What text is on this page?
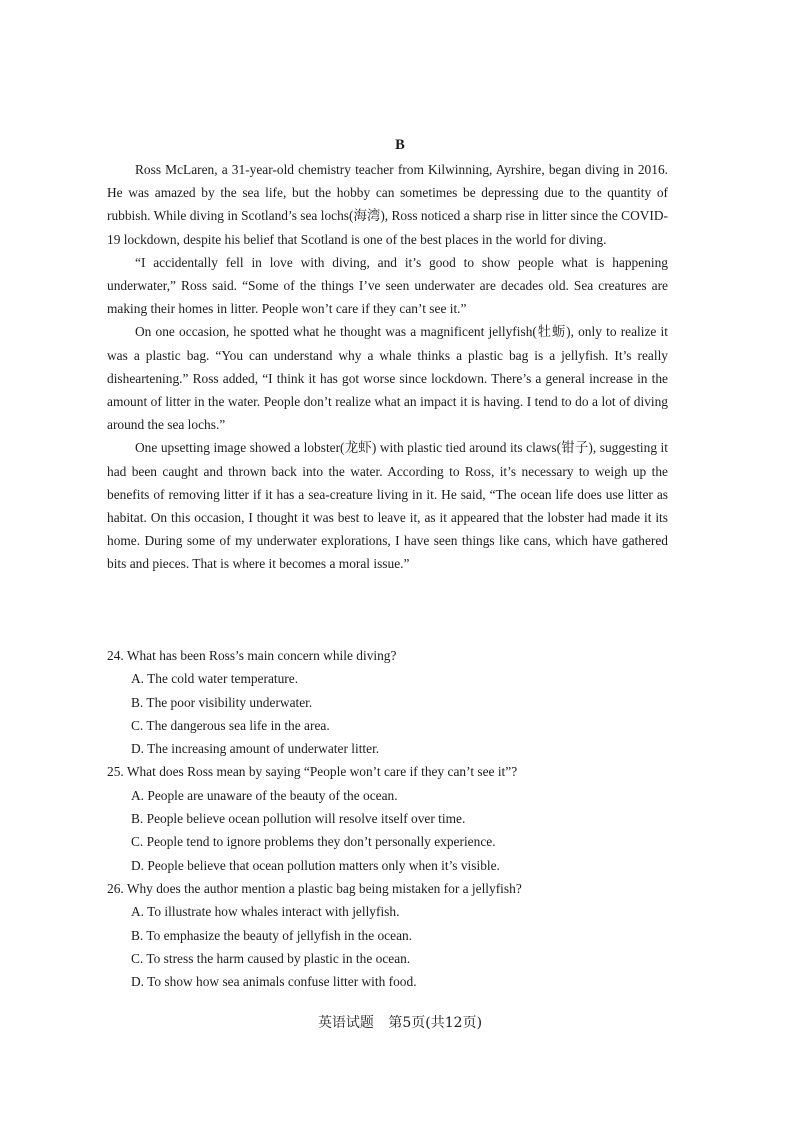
B

Ross McLaren, a 31-year-old chemistry teacher from Kilwinning, Ayrshire, began diving in 2016. He was amazed by the sea life, but the hobby can sometimes be depressing due to the quantity of rubbish. While diving in Scotland’s sea lochs(海湾), Ross noticed a sharp rise in litter since the COVID-19 lockdown, despite his belief that Scotland is one of the best places in the world for diving.

“I accidentally fell in love with diving, and it’s good to show people what is happening underwater,” Ross said. “Some of the things I’ve seen underwater are decades old. Sea creatures are making their homes in litter. People won’t care if they can’t see it.”

On one occasion, he spotted what he thought was a magnificent jellyfish(牡蛎), only to realize it was a plastic bag. “You can understand why a whale thinks a plastic bag is a jellyfish. It’s really disheartening.” Ross added, “I think it has got worse since lockdown. There’s a general increase in the amount of litter in the water. People don’t realize what an impact it is having. I tend to do a lot of diving around the sea lochs.”

One upsetting image showed a lobster(龙虾) with plastic tied around its claws(钳子), suggesting it had been caught and thrown back into the water. According to Ross, it’s necessary to weigh up the benefits of removing litter if it has a sea-creature living in it. He said, “The ocean life does use litter as habitat. On this occasion, I thought it was best to leave it, as it appeared that the lobster had made it its home. During some of my underwater explorations, I have seen things like cans, which have gathered bits and pieces. That is where it becomes a moral issue.”

24. What has been Ross’s main concern while diving?
A. The cold water temperature.
B. The poor visibility underwater.
C. The dangerous sea life in the area.
D. The increasing amount of underwater litter.
25. What does Ross mean by saying “People won’t care if they can’t see it”?
A. People are unaware of the beauty of the ocean.
B. People believe ocean pollution will resolve itself over time.
C. People tend to ignore problems they don’t personally experience.
D. People believe that ocean pollution matters only when it’s visible.
26. Why does the author mention a plastic bag being mistaken for a jellyfish?
A. To illustrate how whales interact with jellyfish.
B. To emphasize the beauty of jellyfish in the ocean.
C. To stress the harm caused by plastic in the ocean.
D. To show how sea animals confuse litter with food.
英语试题 第5页(共12页)
